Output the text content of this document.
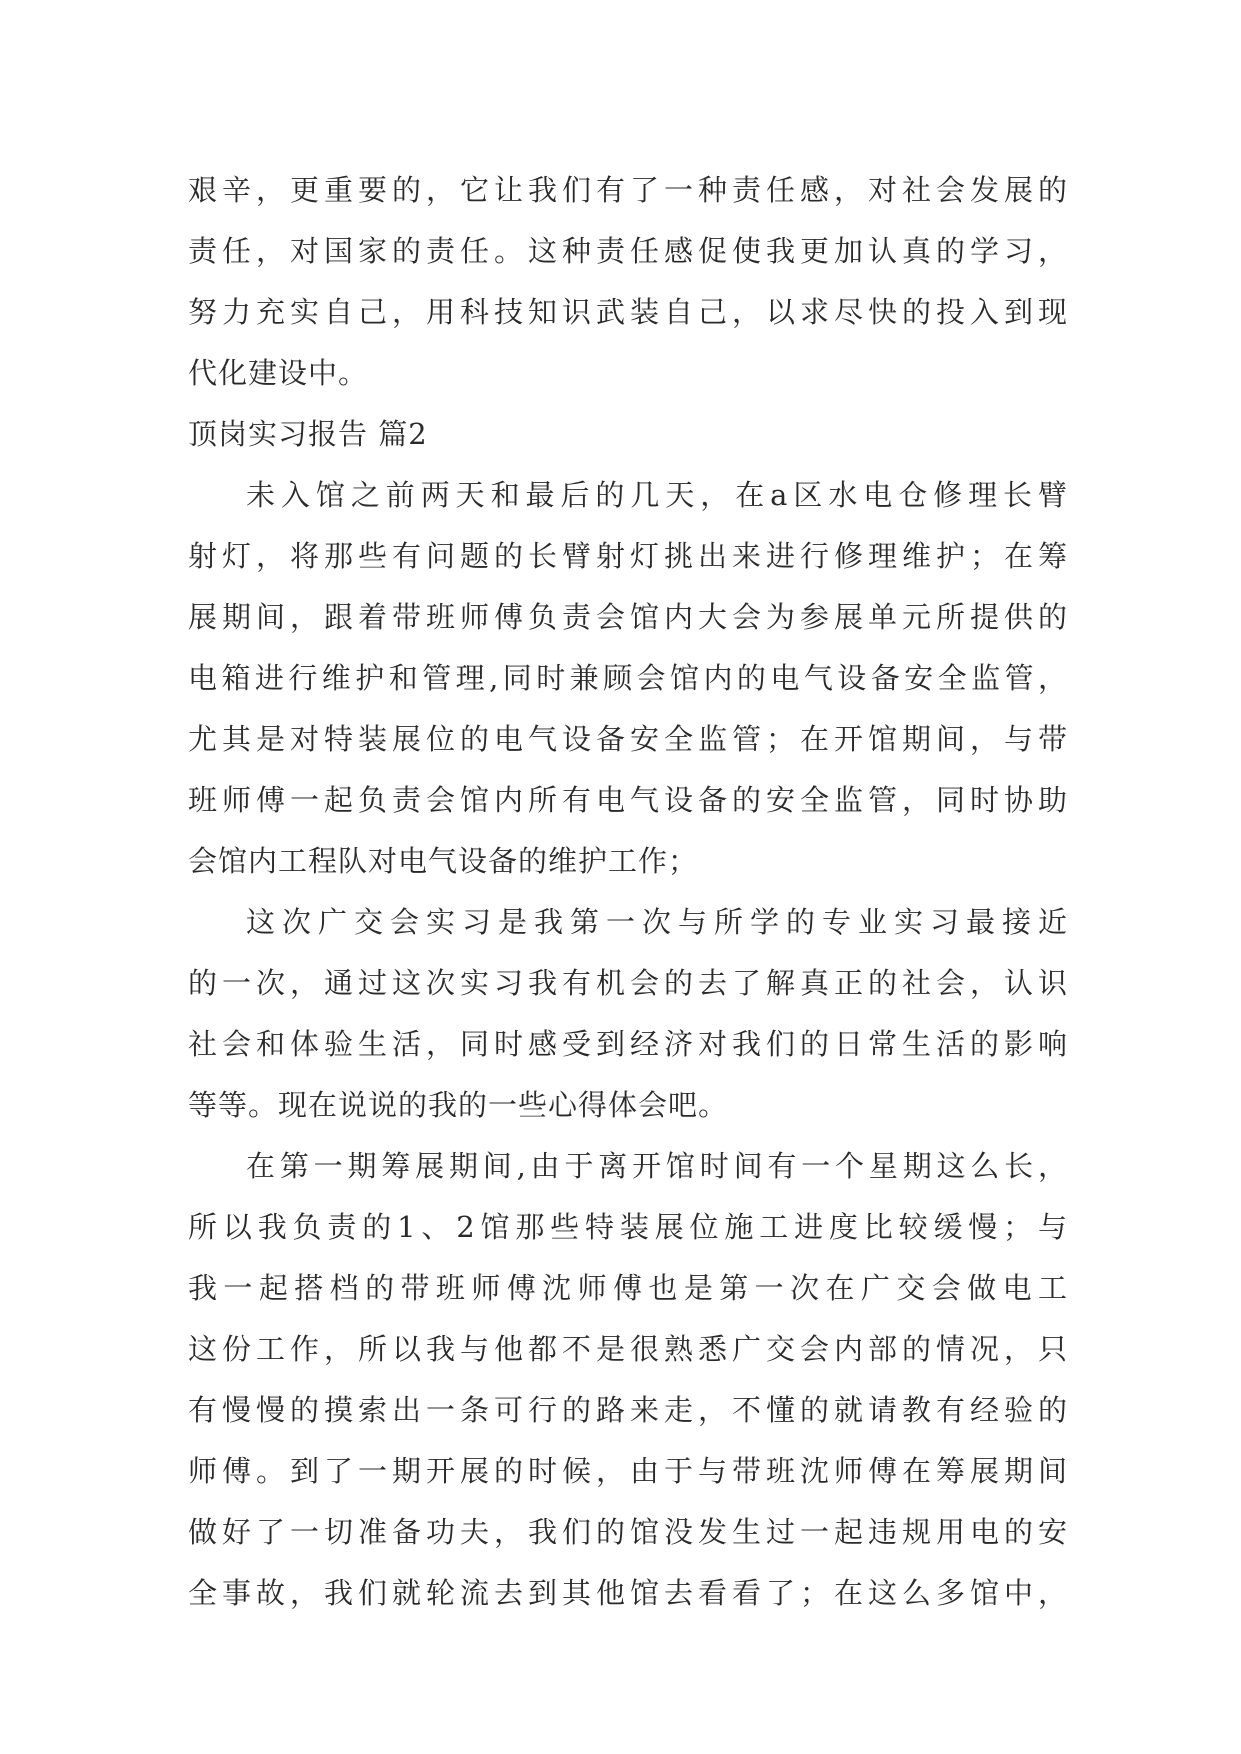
艰辛，更重要的，它让我们有了一种责任感，对社会发展的
责任，对国家的责任。这种责任感促使我更加认真的学习，
努力充实自己，用科技知识武装自己，以求尽快的投入到现
代化建设中。
顶岗实习报告 篇2
未入馆之前两天和最后的几天，在a区水电仓修理长臂
射灯，将那些有问题的长臂射灯挑出来进行修理维护；在筹
展期间，跟着带班师傅负责会馆内大会为参展单元所提供的
电箱进行维护和管理,同时兼顾会馆内的电气设备安全监管，
尤其是对特装展位的电气设备安全监管；在开馆期间，与带
班师傅一起负责会馆内所有电气设备的安全监管，同时协助
会馆内工程队对电气设备的维护工作；
这次广交会实习是我第一次与所学的专业实习最接近
的一次，通过这次实习我有机会的去了解真正的社会，认识
社会和体验生活，同时感受到经济对我们的日常生活的影响
等等。现在说说的我的一些心得体会吧。
在第一期筹展期间,由于离开馆时间有一个星期这么长，
所以我负责的1、2馆那些特装展位施工进度比较缓慢；与
我一起搭档的带班师傅沈师傅也是第一次在广交会做电工
这份工作，所以我与他都不是很熟悉广交会内部的情况，只
有慢慢的摸索出一条可行的路来走，不懂的就请教有经验的
师傅。到了一期开展的时候，由于与带班沈师傅在筹展期间
做好了一切准备功夫，我们的馆没发生过一起违规用电的安
全事故，我们就轮流去到其他馆去看看了；在这么多馆中，
